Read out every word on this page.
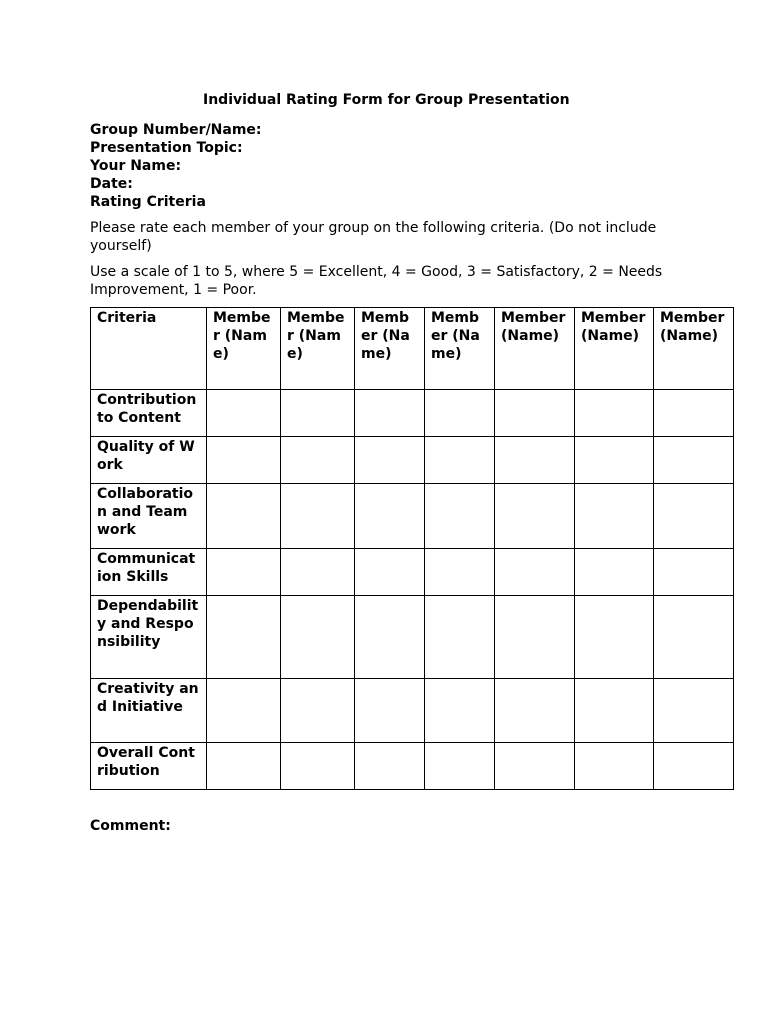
Individual Rating Form for Group Presentation
Group Number/Name:
Presentation Topic:
Your Name:
Date:
Rating Criteria

Please rate each member of your group on the following criteria. (Do not include yourself)

Use a scale of 1 to 5, where 5 = Excellent, 4 = Good, 3 = Satisfactory, 2 = Needs Improvement, 1 = Poor.

Criteria	Member (Name)	Member (Name)	Member (Name)	Member (Name)	Member (Name)	Member (Name)	Member (Name)
Contribution to Content							
Quality of Work							
Collaboration and Teamwork							
Communication Skills							
Dependability and Responsibility							
Creativity and Initiative							
Overall Contribution							
Comment:
